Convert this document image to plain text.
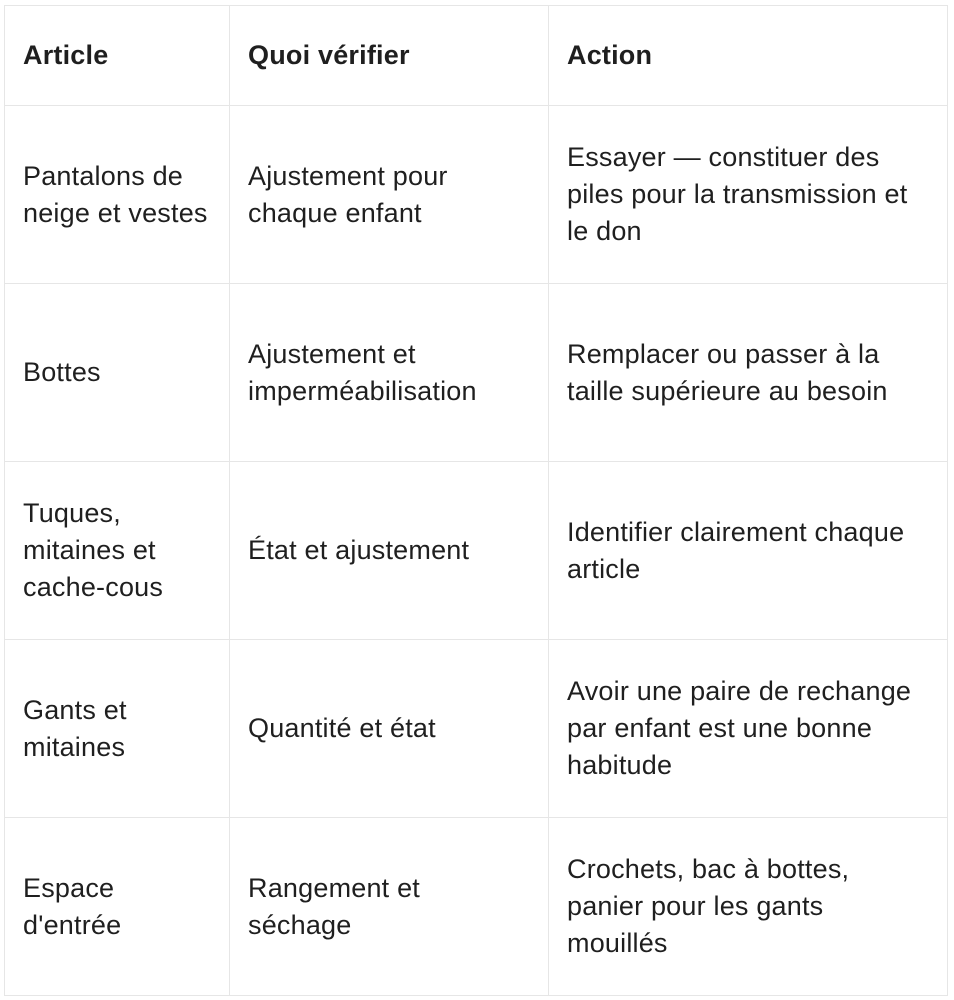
Article	Quoi vérifier	Action
Pantalons de neige et vestes	Ajustement pour chaque enfant	Essayer — constituer des piles pour la transmission et le don
Bottes	Ajustement et imperméabilisation	Remplacer ou passer à la taille supérieure au besoin
Tuques, mitaines et cache-cous	État et ajustement	Identifier clairement chaque article
Gants et mitaines	Quantité et état	Avoir une paire de rechange par enfant est une bonne habitude
Espace d'entrée	Rangement et séchage	Crochets, bac à bottes, panier pour les gants mouillés
